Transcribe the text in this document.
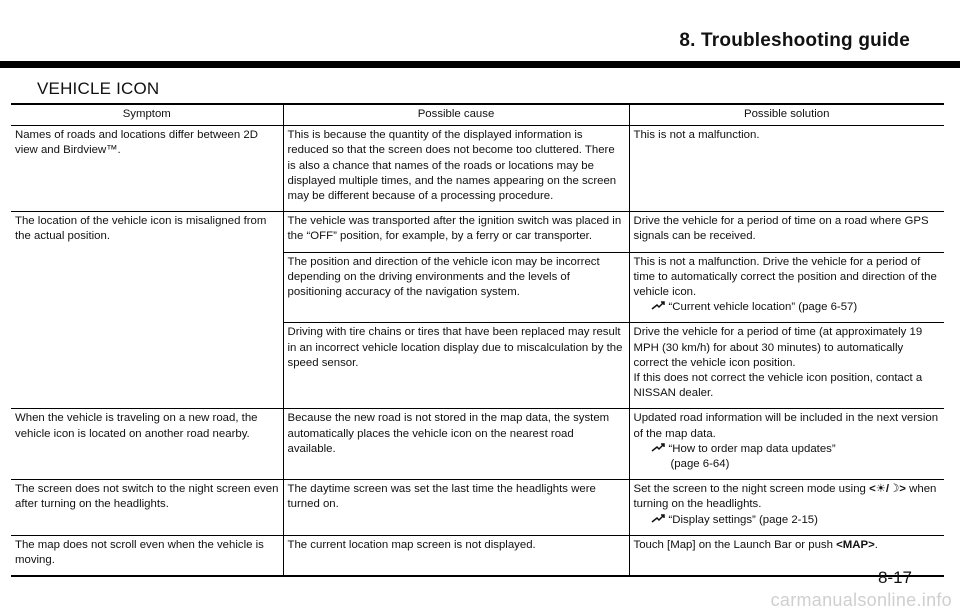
8. Troubleshooting guide
VEHICLE ICON
Symptom	Possible cause	Possible solution
Names of roads and locations differ between 2D view and Birdview™.	This is because the quantity of the displayed information is reduced so that the screen does not become too cluttered. There is also a chance that names of the roads or locations may be displayed multiple times, and the names appearing on the screen may be different because of a processing procedure.	This is not a malfunction.
The location of the vehicle icon is misaligned from the actual position.	The vehicle was transported after the ignition switch was placed in the “OFF” position, for example, by a ferry or car transporter.	Drive the vehicle for a period of time on a road where GPS signals can be received.
	The position and direction of the vehicle icon may be incorrect depending on the driving environments and the levels of positioning accuracy of the navigation system.	This is not a malfunction. Drive the vehicle for a period of time to automatically correct the position and direction of the vehicle icon.
“Current vehicle location” (page 6-57)

	Driving with tire chains or tires that have been replaced may result in an incorrect vehicle location display due to miscalculation by the speed sensor.	Drive the vehicle for a period of time (at approximately 19 MPH (30 km/h) for about 30 minutes) to automatically correct the vehicle icon position.
If this does not correct the vehicle icon position, contact a NISSAN dealer.
When the vehicle is traveling on a new road, the vehicle icon is located on another road nearby.	Because the new road is not stored in the map data, the system automatically places the vehicle icon on the nearest road available.	Updated road information will be included in the next version of the map data.
“How to order map data updates”
(page 6-64)

The screen does not switch to the night screen even after turning on the headlights.	The daytime screen was set the last time the headlights were turned on.	Set the screen to the night screen mode using <☀/☽> when turning on the headlights.
“Display settings” (page 2-15)

The map does not scroll even when the vehicle is moving.	The current location map screen is not displayed.	Touch [Map] on the Launch Bar or push <MAP>.
8-17
carmanualsonline.info
